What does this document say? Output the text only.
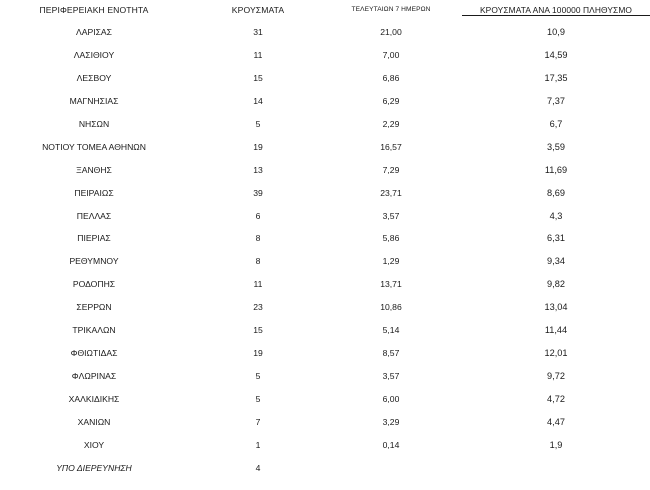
ΠΕΡΙΦΕΡΕΙΑΚΗ ΕΝΟΤΗΤΑ	ΚΡΟΥΣΜΑΤΑ	ΤΕΛΕΥΤΑΙΩΝ 7 ΗΜΕΡΩΝ	ΚΡΟΥΣΜΑΤΑ ΑΝΑ 100000 ΠΛΗΘΥΣΜΟ
ΛΑΡΙΣΑΣ	31	21,00	10,9
ΛΑΣΙΘΙΟΥ	11	7,00	14,59
ΛΕΣΒΟΥ	15	6,86	17,35
ΜΑΓΝΗΣΙΑΣ	14	6,29	7,37
ΝΗΣΩΝ	5	2,29	6,7
ΝΟΤΙΟΥ ΤΟΜΕΑ ΑΘΗΝΩΝ	19	16,57	3,59
ΞΑΝΘΗΣ	13	7,29	11,69
ΠΕΙΡΑΙΩΣ	39	23,71	8,69
ΠΕΛΛΑΣ	6	3,57	4,3
ΠΙΕΡΙΑΣ	8	5,86	6,31
ΡΕΘΥΜΝΟΥ	8	1,29	9,34
ΡΟΔΟΠΗΣ	11	13,71	9,82
ΣΕΡΡΩΝ	23	10,86	13,04
ΤΡΙΚΑΛΩΝ	15	5,14	11,44
ΦΘΙΩΤΙΔΑΣ	19	8,57	12,01
ΦΛΩΡΙΝΑΣ	5	3,57	9,72
ΧΑΛΚΙΔΙΚΗΣ	5	6,00	4,72
ΧΑΝΙΩΝ	7	3,29	4,47
ΧΙΟΥ	1	0,14	1,9
ΥΠΟ ΔΙΕΡΕΥΝΗΣΗ	4
